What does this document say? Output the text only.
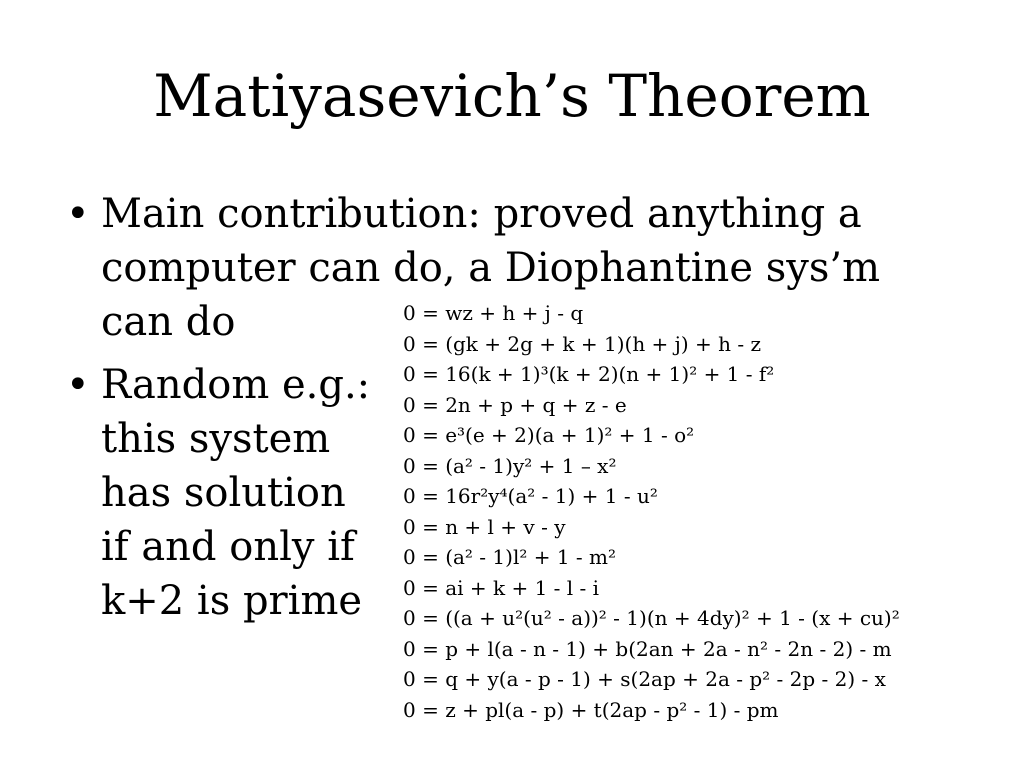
Matiyasevich’s Theorem
• Main contribution: proved anything a
computer can do, a Diophantine sys’m
can do
• Random e.g.:
this system
has solution
if and only if
k+2 is prime
0 = wz + h + j - q
0 = (gk + 2g + k + 1)(h + j) + h - z
0 = 16(k + 1)³(k + 2)(n + 1)² + 1 - f²
0 = 2n + p + q + z - e
0 = e³(e + 2)(a + 1)² + 1 - o²
0 = (a² - 1)y² + 1 – x²
0 = 16r²y⁴(a² - 1) + 1 - u²
0 = n + l + v - y
0 = (a² - 1)l² + 1 - m²
0 = ai + k + 1 - l - i
0 = ((a + u²(u² - a))² - 1)(n + 4dy)² + 1 - (x + cu)²
0 = p + l(a - n - 1) + b(2an + 2a - n² - 2n - 2) - m
0 = q + y(a - p - 1) + s(2ap + 2a - p² - 2p - 2) - x
0 = z + pl(a - p) + t(2ap - p² - 1) - pm
